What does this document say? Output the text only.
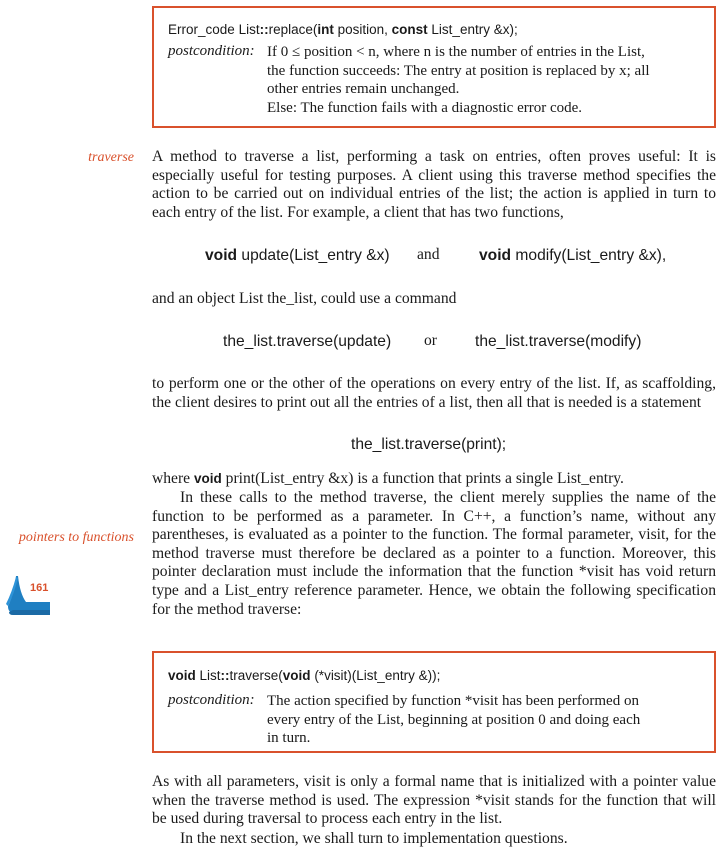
Error_code List::replace(int position, const List_entry &x);
postcondition: If 0 ≤ position < n, where n is the number of entries in the List,
the function succeeds: The entry at position is replaced by x; all
other entries remain unchanged.
Else: The function fails with a diagnostic error code.
traverse
pointers to functions
161

A method to traverse a list, performing a task on entries, often proves useful: It is especially useful for testing purposes. A client using this traverse method specifies the action to be carried out on individual entries of the list; the action is applied in turn to each entry of the list. For example, a client that has two functions,

void update(List_entry &x) and	void modify(List_entry &x),

and an object List the_list, could use a command

the_list.traverse(update) or the_list.traverse(modify)

to perform one or the other of the operations on every entry of the list. If, as scaffolding, the client desires to print out all the entries of a list, then all that is needed is a statement

the_list.traverse(print);

where void print(List_entry &x) is a function that prints a single List_entry.

In these calls to the method traverse, the client merely supplies the name of the function to be performed as a parameter. In C++, a function’s name, without any parentheses, is evaluated as a pointer to the function. The formal parameter, visit, for the method traverse must therefore be declared as a pointer to a function. Moreover, this pointer declaration must include the information that the function *visit has void return type and a List_entry reference parameter. Hence, we obtain the following specification for the method traverse:

void List::traverse(void (*visit)(List_entry &));
postcondition: The action specified by function *visit has been performed on
every entry of the List, beginning at position 0 and doing each
in turn.

As with all parameters, visit is only a formal name that is initialized with a pointer value when the traverse method is used. The expression *visit stands for the function that will be used during traversal to process each entry in the list.

In the next section, we shall turn to implementation questions.
